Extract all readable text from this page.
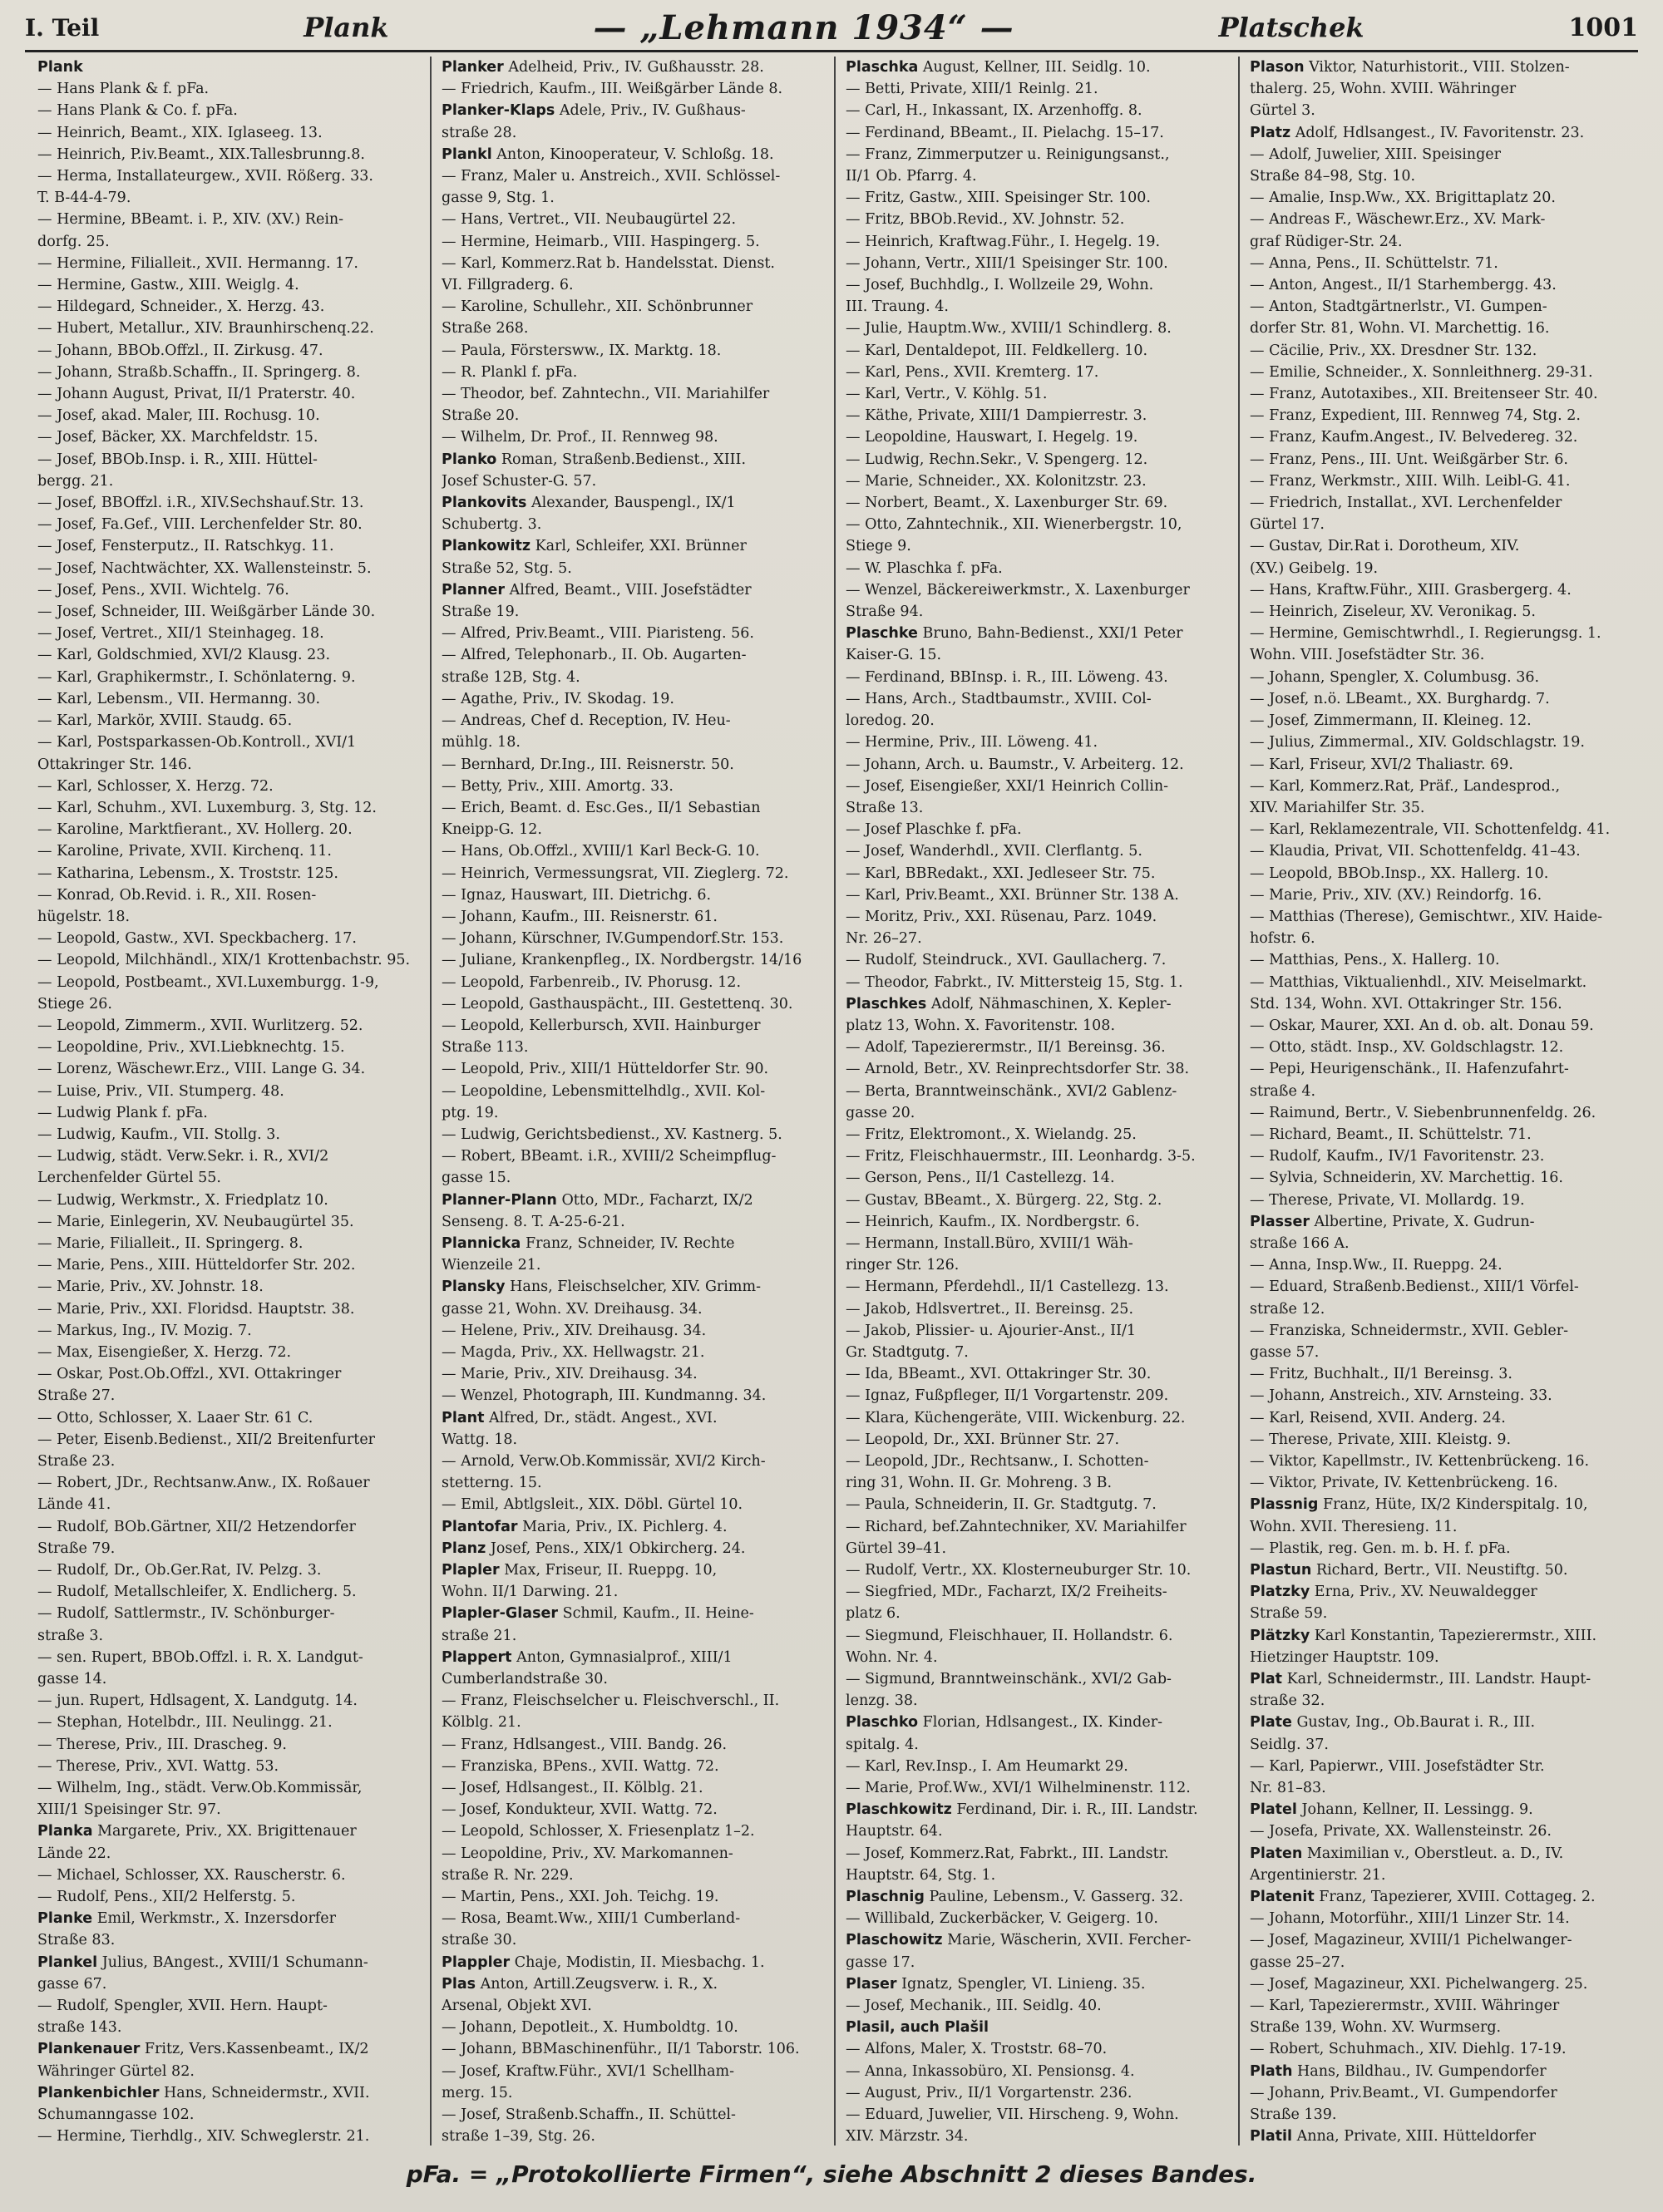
I. Teil	Plank	— „Lehmann 1934“ —	Platschek	1001
Plank
— Hans Plank & f. pFa.
— Hans Plank & Co. f. pFa.
— Heinrich, Beamt., XIX. Iglaseeg. 13.
— Heinrich, P.iv.Beamt., XIX.Tallesbrunng.8.
— Herma, Installateurgew., XVII. Rößerg. 33.
T. B-44-4-79.
— Hermine, BBeamt. i. P., XIV. (XV.) Rein-
dorfg. 25.
— Hermine, Filialleit., XVII. Hermanng. 17.
— Hermine, Gastw., XIII. Weiglg. 4.
— Hildegard, Schneider., X. Herzg. 43.
— Hubert, Metallur., XIV. Braunhirschenq.22.
— Johann, BBOb.Offzl., II. Zirkusg. 47.
— Johann, Straßb.Schaffn., II. Springerg. 8.
— Johann August, Privat, II/1 Praterstr. 40.
— Josef, akad. Maler, III. Rochusg. 10.
— Josef, Bäcker, XX. Marchfeldstr. 15.
— Josef, BBOb.Insp. i. R., XIII. Hüttel-
bergg. 21.
— Josef, BBOffzl. i.R., XIV.Sechshauf.Str. 13.
— Josef, Fa.Gef., VIII. Lerchenfelder Str. 80.
— Josef, Fensterputz., II. Ratschkyg. 11.
— Josef, Nachtwächter, XX. Wallensteinstr. 5.
— Josef, Pens., XVII. Wichtelg. 76.
— Josef, Schneider, III. Weißgärber Lände 30.
— Josef, Vertret., XII/1 Steinhageg. 18.
— Karl, Goldschmied, XVI/2 Klausg. 23.
— Karl, Graphikermstr., I. Schönlaterng. 9.
— Karl, Lebensm., VII. Hermanng. 30.
— Karl, Markör, XVIII. Staudg. 65.
— Karl, Postsparkassen-Ob.Kontroll., XVI/1
Ottakringer Str. 146.
— Karl, Schlosser, X. Herzg. 72.
— Karl, Schuhm., XVI. Luxemburg. 3, Stg. 12.
— Karoline, Marktfierant., XV. Hollerg. 20.
— Karoline, Private, XVII. Kirchenq. 11.
— Katharina, Lebensm., X. Troststr. 125.
— Konrad, Ob.Revid. i. R., XII. Rosen-
hügelstr. 18.
— Leopold, Gastw., XVI. Speckbacherg. 17.
— Leopold, Milchhändl., XIX/1 Krottenbachstr. 95.
— Leopold, Postbeamt., XVI.Luxemburgg. 1-9,
Stiege 26.
— Leopold, Zimmerm., XVII. Wurlitzerg. 52.
— Leopoldine, Priv., XVI.Liebknechtg. 15.
— Lorenz, Wäschewr.Erz., VIII. Lange G. 34.
— Luise, Priv., VII. Stumperg. 48.
— Ludwig Plank f. pFa.
— Ludwig, Kaufm., VII. Stollg. 3.
— Ludwig, städt. Verw.Sekr. i. R., XVI/2
Lerchenfelder Gürtel 55.
— Ludwig, Werkmstr., X. Friedplatz 10.
— Marie, Einlegerin, XV. Neubaugürtel 35.
— Marie, Filialleit., II. Springerg. 8.
— Marie, Pens., XIII. Hütteldorfer Str. 202.
— Marie, Priv., XV. Johnstr. 18.
— Marie, Priv., XXI. Floridsd. Hauptstr. 38.
— Markus, Ing., IV. Mozig. 7.
— Max, Eisengießer, X. Herzg. 72.
— Oskar, Post.Ob.Offzl., XVI. Ottakringer
Straße 27.
— Otto, Schlosser, X. Laaer Str. 61 C.
— Peter, Eisenb.Bedienst., XII/2 Breitenfurter
Straße 23.
— Robert, JDr., Rechtsanw.Anw., IX. Roßauer
Lände 41.
— Rudolf, BOb.Gärtner, XII/2 Hetzendorfer
Straße 79.
— Rudolf, Dr., Ob.Ger.Rat, IV. Pelzg. 3.
— Rudolf, Metallschleifer, X. Endlicherg. 5.
— Rudolf, Sattlermstr., IV. Schönburger-
straße 3.
— sen. Rupert, BBOb.Offzl. i. R. X. Landgut-
gasse 14.
— jun. Rupert, Hdlsagent, X. Landgutg. 14.
— Stephan, Hotelbdr., III. Neulingg. 21.
— Therese, Priv., III. Drascheg. 9.
— Therese, Priv., XVI. Wattg. 53.
— Wilhelm, Ing., städt. Verw.Ob.Kommissär,
XIII/1 Speisinger Str. 97.
Planka Margarete, Priv., XX. Brigittenauer
Lände 22.
— Michael, Schlosser, XX. Rauscherstr. 6.
— Rudolf, Pens., XII/2 Helferstg. 5.
Planke Emil, Werkmstr., X. Inzersdorfer
Straße 83.
Plankel Julius, BAngest., XVIII/1 Schumann-
gasse 67.
— Rudolf, Spengler, XVII. Hern. Haupt-
straße 143.
Plankenauer Fritz, Vers.Kassenbeamt., IX/2
Währinger Gürtel 82.
Plankenbichler Hans, Schneidermstr., XVII.
Schumanngasse 102.
— Hermine, Tierhdlg., XIV. Schweglerstr. 21.
Planker Adelheid, Priv., IV. Gußhausstr. 28.
— Friedrich, Kaufm., III. Weißgärber Lände 8.
Planker-Klaps Adele, Priv., IV. Gußhaus-
straße 28.
Plankl Anton, Kinooperateur, V. Schloßg. 18.
— Franz, Maler u. Anstreich., XVII. Schlössel-
gasse 9, Stg. 1.
— Hans, Vertret., VII. Neubaugürtel 22.
— Hermine, Heimarb., VIII. Haspingerg. 5.
— Karl, Kommerz.Rat b. Handelsstat. Dienst.
VI. Fillgraderg. 6.
— Karoline, Schullehr., XII. Schönbrunner
Straße 268.
— Paula, Förstersww., IX. Marktg. 18.
— R. Plankl f. pFa.
— Theodor, bef. Zahntechn., VII. Mariahilfer
Straße 20.
— Wilhelm, Dr. Prof., II. Rennweg 98.
Planko Roman, Straßenb.Bedienst., XIII.
Josef Schuster-G. 57.
Plankovits Alexander, Bauspengl., IX/1
Schubertg. 3.
Plankowitz Karl, Schleifer, XXI. Brünner
Straße 52, Stg. 5.
Planner Alfred, Beamt., VIII. Josefstädter
Straße 19.
— Alfred, Priv.Beamt., VIII. Piaristeng. 56.
— Alfred, Telephonarb., II. Ob. Augarten-
straße 12B, Stg. 4.
— Agathe, Priv., IV. Skodag. 19.
— Andreas, Chef d. Reception, IV. Heu-
mühlg. 18.
— Bernhard, Dr.Ing., III. Reisnerstr. 50.
— Betty, Priv., XIII. Amortg. 33.
— Erich, Beamt. d. Esc.Ges., II/1 Sebastian
Kneipp-G. 12.
— Hans, Ob.Offzl., XVIII/1 Karl Beck-G. 10.
— Heinrich, Vermessungsrat, VII. Zieglerg. 72.
— Ignaz, Hauswart, III. Dietrichg. 6.
— Johann, Kaufm., III. Reisnerstr. 61.
— Johann, Kürschner, IV.Gumpendorf.Str. 153.
— Juliane, Krankenpfleg., IX. Nordbergstr. 14/16
— Leopold, Farbenreib., IV. Phorusg. 12.
— Leopold, Gasthauspächt., III. Gestettenq. 30.
— Leopold, Kellerbursch, XVII. Hainburger
Straße 113.
— Leopold, Priv., XIII/1 Hütteldorfer Str. 90.
— Leopoldine, Lebensmittelhdlg., XVII. Kol-
ptg. 19.
— Ludwig, Gerichtsbedienst., XV. Kastnerg. 5.
— Robert, BBeamt. i.R., XVIII/2 Scheimpflug-
gasse 15.
Planner-Plann Otto, MDr., Facharzt, IX/2
Senseng. 8. T. A-25-6-21.
Plannicka Franz, Schneider, IV. Rechte
Wienzeile 21.
Plansky Hans, Fleischselcher, XIV. Grimm-
gasse 21, Wohn. XV. Dreihausg. 34.
— Helene, Priv., XIV. Dreihausg. 34.
— Magda, Priv., XX. Hellwagstr. 21.
— Marie, Priv., XIV. Dreihausg. 34.
— Wenzel, Photograph, III. Kundmanng. 34.
Plant Alfred, Dr., städt. Angest., XVI.
Wattg. 18.
— Arnold, Verw.Ob.Kommissär, XVI/2 Kirch-
stetterng. 15.
— Emil, Abtlgsleit., XIX. Döbl. Gürtel 10.
Plantofar Maria, Priv., IX. Pichlerg. 4.
Planz Josef, Pens., XIX/1 Obkircherg. 24.
Plapler Max, Friseur, II. Rueppg. 10,
Wohn. II/1 Darwing. 21.
Plapler-Glaser Schmil, Kaufm., II. Heine-
straße 21.
Plappert Anton, Gymnasialprof., XIII/1
Cumberlandstraße 30.
— Franz, Fleischselcher u. Fleischverschl., II.
Kölblg. 21.
— Franz, Hdlsangest., VIII. Bandg. 26.
— Franziska, BPens., XVII. Wattg. 72.
— Josef, Hdlsangest., II. Kölblg. 21.
— Josef, Kondukteur, XVII. Wattg. 72.
— Leopold, Schlosser, X. Friesenplatz 1–2.
— Leopoldine, Priv., XV. Markomannen-
straße R. Nr. 229.
— Martin, Pens., XXI. Joh. Teichg. 19.
— Rosa, Beamt.Ww., XIII/1 Cumberland-
straße 30.
Plappler Chaje, Modistin, II. Miesbachg. 1.
Plas Anton, Artill.Zeugsverw. i. R., X.
Arsenal, Objekt XVI.
— Johann, Depotleit., X. Humboldtg. 10.
— Johann, BBMaschinenführ., II/1 Taborstr. 106.
— Josef, Kraftw.Führ., XVI/1 Schellham-
merg. 15.
— Josef, Straßenb.Schaffn., II. Schüttel-
straße 1–39, Stg. 26.
Plaschka August, Kellner, III. Seidlg. 10.
— Betti, Private, XIII/1 Reinlg. 21.
— Carl, H., Inkassant, IX. Arzenhoffg. 8.
— Ferdinand, BBeamt., II. Pielachg. 15–17.
— Franz, Zimmerputzer u. Reinigungsanst.,
II/1 Ob. Pfarrg. 4.
— Fritz, Gastw., XIII. Speisinger Str. 100.
— Fritz, BBOb.Revid., XV. Johnstr. 52.
— Heinrich, Kraftwag.Führ., I. Hegelg. 19.
— Johann, Vertr., XIII/1 Speisinger Str. 100.
— Josef, Buchhdlg., I. Wollzeile 29, Wohn.
III. Traung. 4.
— Julie, Hauptm.Ww., XVIII/1 Schindlerg. 8.
— Karl, Dentaldepot, III. Feldkellerg. 10.
— Karl, Pens., XVII. Kremterg. 17.
— Karl, Vertr., V. Köhlg. 51.
— Käthe, Private, XIII/1 Dampierrestr. 3.
— Leopoldine, Hauswart, I. Hegelg. 19.
— Ludwig, Rechn.Sekr., V. Spengerg. 12.
— Marie, Schneider., XX. Kolonitzstr. 23.
— Norbert, Beamt., X. Laxenburger Str. 69.
— Otto, Zahntechnik., XII. Wienerbergstr. 10,
Stiege 9.
— W. Plaschka f. pFa.
— Wenzel, Bäckereiwerkmstr., X. Laxenburger
Straße 94.
Plaschke Bruno, Bahn-Bedienst., XXI/1 Peter
Kaiser-G. 15.
— Ferdinand, BBInsp. i. R., III. Löweng. 43.
— Hans, Arch., Stadtbaumstr., XVIII. Col-
loredog. 20.
— Hermine, Priv., III. Löweng. 41.
— Johann, Arch. u. Baumstr., V. Arbeiterg. 12.
— Josef, Eisengießer, XXI/1 Heinrich Collin-
Straße 13.
— Josef Plaschke f. pFa.
— Josef, Wanderhdl., XVII. Clerflantg. 5.
— Karl, BBRedakt., XXI. Jedleseer Str. 75.
— Karl, Priv.Beamt., XXI. Brünner Str. 138 A.
— Moritz, Priv., XXI. Rüsenau, Parz. 1049.
Nr. 26–27.
— Rudolf, Steindruck., XVI. Gaullacherg. 7.
— Theodor, Fabrkt., IV. Mittersteig 15, Stg. 1.
Plaschkes Adolf, Nähmaschinen, X. Kepler-
platz 13, Wohn. X. Favoritenstr. 108.
— Adolf, Tapezierermstr., II/1 Bereinsg. 36.
— Arnold, Betr., XV. Reinprechtsdorfer Str. 38.
— Berta, Branntweinschänk., XVI/2 Gablenz-
gasse 20.
— Fritz, Elektromont., X. Wielandg. 25.
— Fritz, Fleischhauermstr., III. Leonhardg. 3-5.
— Gerson, Pens., II/1 Castellezg. 14.
— Gustav, BBeamt., X. Bürgerg. 22, Stg. 2.
— Heinrich, Kaufm., IX. Nordbergstr. 6.
— Hermann, Install.Büro, XVIII/1 Wäh-
ringer Str. 126.
— Hermann, Pferdehdl., II/1 Castellezg. 13.
— Jakob, Hdlsvertret., II. Bereinsg. 25.
— Jakob, Plissier- u. Ajourier-Anst., II/1
Gr. Stadtgutg. 7.
— Ida, BBeamt., XVI. Ottakringer Str. 30.
— Ignaz, Fußpfleger, II/1 Vorgartenstr. 209.
— Klara, Küchengeräte, VIII. Wickenburg. 22.
— Leopold, Dr., XXI. Brünner Str. 27.
— Leopold, JDr., Rechtsanw., I. Schotten-
ring 31, Wohn. II. Gr. Mohreng. 3 B.
— Paula, Schneiderin, II. Gr. Stadtgutg. 7.
— Richard, bef.Zahntechniker, XV. Mariahilfer
Gürtel 39–41.
— Rudolf, Vertr., XX. Klosterneuburger Str. 10.
— Siegfried, MDr., Facharzt, IX/2 Freiheits-
platz 6.
— Siegmund, Fleischhauer, II. Hollandstr. 6.
Wohn. Nr. 4.
— Sigmund, Branntweinschänk., XVI/2 Gab-
lenzg. 38.
Plaschko Florian, Hdlsangest., IX. Kinder-
spitalg. 4.
— Karl, Rev.Insp., I. Am Heumarkt 29.
— Marie, Prof.Ww., XVI/1 Wilhelminenstr. 112.
Plaschkowitz Ferdinand, Dir. i. R., III. Landstr.
Hauptstr. 64.
— Josef, Kommerz.Rat, Fabrkt., III. Landstr.
Hauptstr. 64, Stg. 1.
Plaschnig Pauline, Lebensm., V. Gasserg. 32.
— Willibald, Zuckerbäcker, V. Geigerg. 10.
Plaschowitz Marie, Wäscherin, XVII. Fercher-
gasse 17.
Plaser Ignatz, Spengler, VI. Linieng. 35.
— Josef, Mechanik., III. Seidlg. 40.
Plasil, auch Plašil
— Alfons, Maler, X. Troststr. 68–70.
— Anna, Inkassobüro, XI. Pensionsg. 4.
— August, Priv., II/1 Vorgartenstr. 236.
— Eduard, Juwelier, VII. Hirscheng. 9, Wohn.
XIV. Märzstr. 34.
Plason Viktor, Naturhistorit., VIII. Stolzen-
thalerg. 25, Wohn. XVIII. Währinger
Gürtel 3.
Platz Adolf, Hdlsangest., IV. Favoritenstr. 23.
— Adolf, Juwelier, XIII. Speisinger
Straße 84–98, Stg. 10.
— Amalie, Insp.Ww., XX. Brigittaplatz 20.
— Andreas F., Wäschewr.Erz., XV. Mark-
graf Rüdiger-Str. 24.
— Anna, Pens., II. Schüttelstr. 71.
— Anton, Angest., II/1 Starhembergg. 43.
— Anton, Stadtgärtnerlstr., VI. Gumpen-
dorfer Str. 81, Wohn. VI. Marchettig. 16.
— Cäcilie, Priv., XX. Dresdner Str. 132.
— Emilie, Schneider., X. Sonnleithnerg. 29-31.
— Franz, Autotaxibes., XII. Breitenseer Str. 40.
— Franz, Expedient, III. Rennweg 74, Stg. 2.
— Franz, Kaufm.Angest., IV. Belvedereg. 32.
— Franz, Pens., III. Unt. Weißgärber Str. 6.
— Franz, Werkmstr., XIII. Wilh. Leibl-G. 41.
— Friedrich, Installat., XVI. Lerchenfelder
Gürtel 17.
— Gustav, Dir.Rat i. Dorotheum, XIV.
(XV.) Geibelg. 19.
— Hans, Kraftw.Führ., XIII. Grasbergerg. 4.
— Heinrich, Ziseleur, XV. Veronikag. 5.
— Hermine, Gemischtwrhdl., I. Regierungsg. 1.
Wohn. VIII. Josefstädter Str. 36.
— Johann, Spengler, X. Columbusg. 36.
— Josef, n.ö. LBeamt., XX. Burghardg. 7.
— Josef, Zimmermann, II. Kleineg. 12.
— Julius, Zimmermal., XIV. Goldschlagstr. 19.
— Karl, Friseur, XVI/2 Thaliastr. 69.
— Karl, Kommerz.Rat, Präf., Landesprod.,
XIV. Mariahilfer Str. 35.
— Karl, Reklamezentrale, VII. Schottenfeldg. 41.
— Klaudia, Privat, VII. Schottenfeldg. 41–43.
— Leopold, BBOb.Insp., XX. Hallerg. 10.
— Marie, Priv., XIV. (XV.) Reindorfg. 16.
— Matthias (Therese), Gemischtwr., XIV. Haide-
hofstr. 6.
— Matthias, Pens., X. Hallerg. 10.
— Matthias, Viktualienhdl., XIV. Meiselmarkt.
Std. 134, Wohn. XVI. Ottakringer Str. 156.
— Oskar, Maurer, XXI. An d. ob. alt. Donau 59.
— Otto, städt. Insp., XV. Goldschlagstr. 12.
— Pepi, Heurigenschänk., II. Hafenzufahrt-
straße 4.
— Raimund, Bertr., V. Siebenbrunnenfeldg. 26.
— Richard, Beamt., II. Schüttelstr. 71.
— Rudolf, Kaufm., IV/1 Favoritenstr. 23.
— Sylvia, Schneiderin, XV. Marchettig. 16.
— Therese, Private, VI. Mollardg. 19.
Plasser Albertine, Private, X. Gudrun-
straße 166 A.
— Anna, Insp.Ww., II. Rueppg. 24.
— Eduard, Straßenb.Bedienst., XIII/1 Vörfel-
straße 12.
— Franziska, Schneidermstr., XVII. Gebler-
gasse 57.
— Fritz, Buchhalt., II/1 Bereinsg. 3.
— Johann, Anstreich., XIV. Arnsteing. 33.
— Karl, Reisend, XVII. Anderg. 24.
— Therese, Private, XIII. Kleistg. 9.
— Viktor, Kapellmstr., IV. Kettenbrückeng. 16.
— Viktor, Private, IV. Kettenbrückeng. 16.
Plassnig Franz, Hüte, IX/2 Kinderspitalg. 10,
Wohn. XVII. Theresieng. 11.
— Plastik, reg. Gen. m. b. H. f. pFa.
Plastun Richard, Bertr., VII. Neustiftg. 50.
Platzky Erna, Priv., XV. Neuwaldegger
Straße 59.
Plätzky Karl Konstantin, Tapezierermstr., XIII.
Hietzinger Hauptstr. 109.
Plat Karl, Schneidermstr., III. Landstr. Haupt-
straße 32.
Plate Gustav, Ing., Ob.Baurat i. R., III.
Seidlg. 37.
— Karl, Papierwr., VIII. Josefstädter Str.
Nr. 81–83.
Platel Johann, Kellner, II. Lessingg. 9.
— Josefa, Private, XX. Wallensteinstr. 26.
Platen Maximilian v., Oberstleut. a. D., IV.
Argentinierstr. 21.
Platenit Franz, Tapezierer, XVIII. Cottageg. 2.
— Johann, Motorführ., XIII/1 Linzer Str. 14.
— Josef, Magazineur, XVIII/1 Pichelwanger-
gasse 25–27.
— Josef, Magazineur, XXI. Pichelwangerg. 25.
— Karl, Tapezierermstr., XVIII. Währinger
Straße 139, Wohn. XV. Wurmserg.
— Robert, Schuhmach., XIV. Diehlg. 17-19.
Plath Hans, Bildhau., IV. Gumpendorfer
— Johann, Priv.Beamt., VI. Gumpendorfer
Straße 139.
Platil Anna, Private, XIII. Hütteldorfer
pFa. = „Protokollierte Firmen“, siehe Abschnitt 2 dieses Bandes.
